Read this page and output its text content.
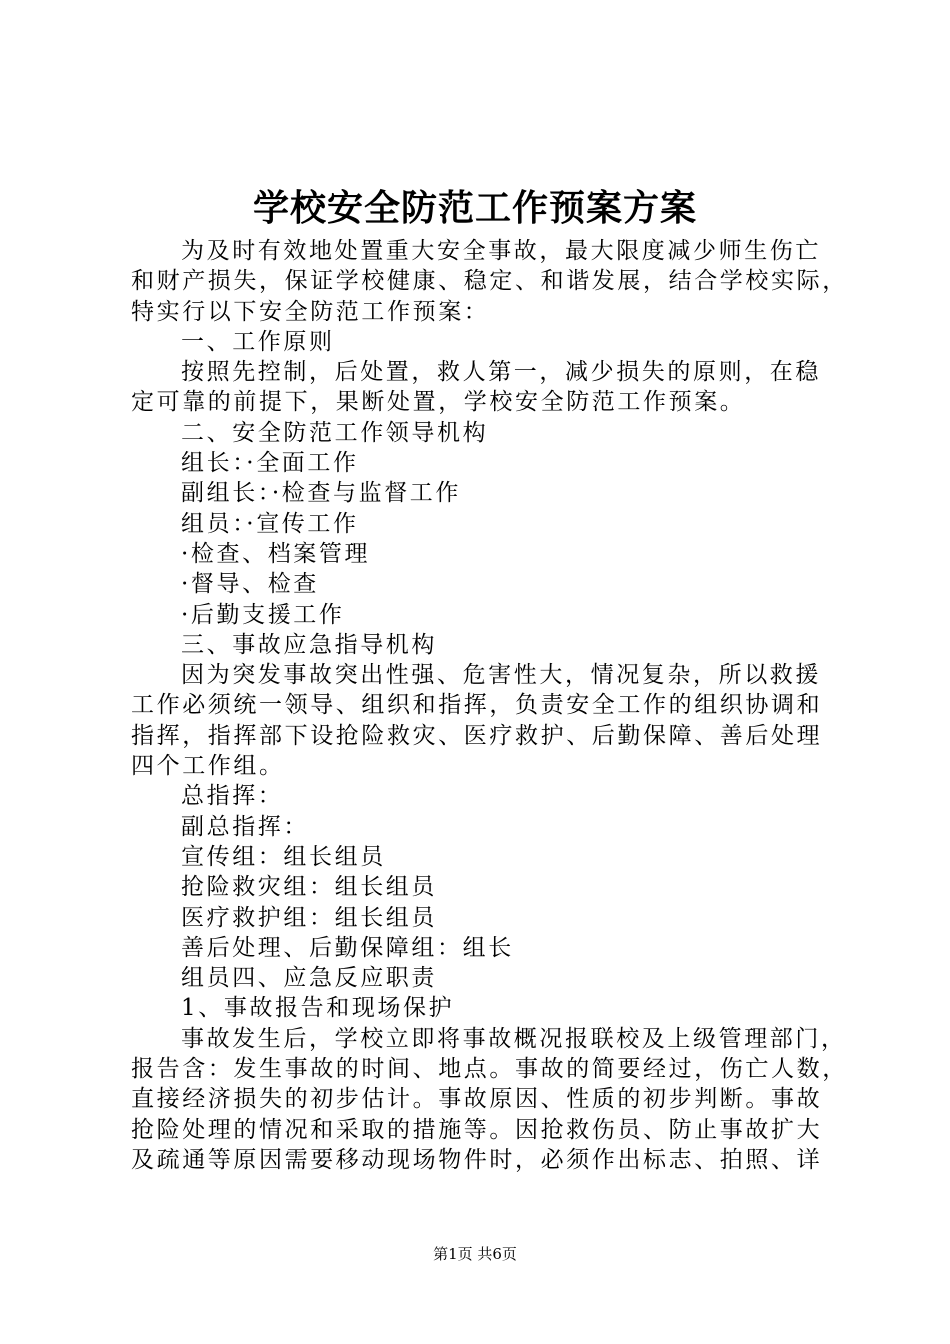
学校安全防范工作预案方案
为及时有效地处置重大安全事故，最大限度减少师生伤亡
和财产损失，保证学校健康、稳定、和谐发展，结合学校实际，
特实行以下安全防范工作预案：
一、工作原则
按照先控制，后处置，救人第一，减少损失的原则，在稳
定可靠的前提下，果断处置，学校安全防范工作预案。
二、安全防范工作领导机构
组长：·全面工作
副组长：·检查与监督工作
组员：·宣传工作
·检查、档案管理
·督导、检查
·后勤支援工作
三、事故应急指导机构
因为突发事故突出性强、危害性大，情况复杂，所以救援
工作必须统一领导、组织和指挥，负责安全工作的组织协调和
指挥，指挥部下设抢险救灾、医疗救护、后勤保障、善后处理
四个工作组。
总指挥：
副总指挥：
宣传组：组长组员
抢险救灾组：组长组员
医疗救护组：组长组员
善后处理、后勤保障组：组长
组员四、应急反应职责
1、事故报告和现场保护
事故发生后，学校立即将事故概况报联校及上级管理部门，
报告含：发生事故的时间、地点。事故的简要经过，伤亡人数，
直接经济损失的初步估计。事故原因、性质的初步判断。事故
抢险处理的情况和采取的措施等。因抢救伤员、防止事故扩大
及疏通等原因需要移动现场物件时，必须作出标志、拍照、详
第1页 共6页
